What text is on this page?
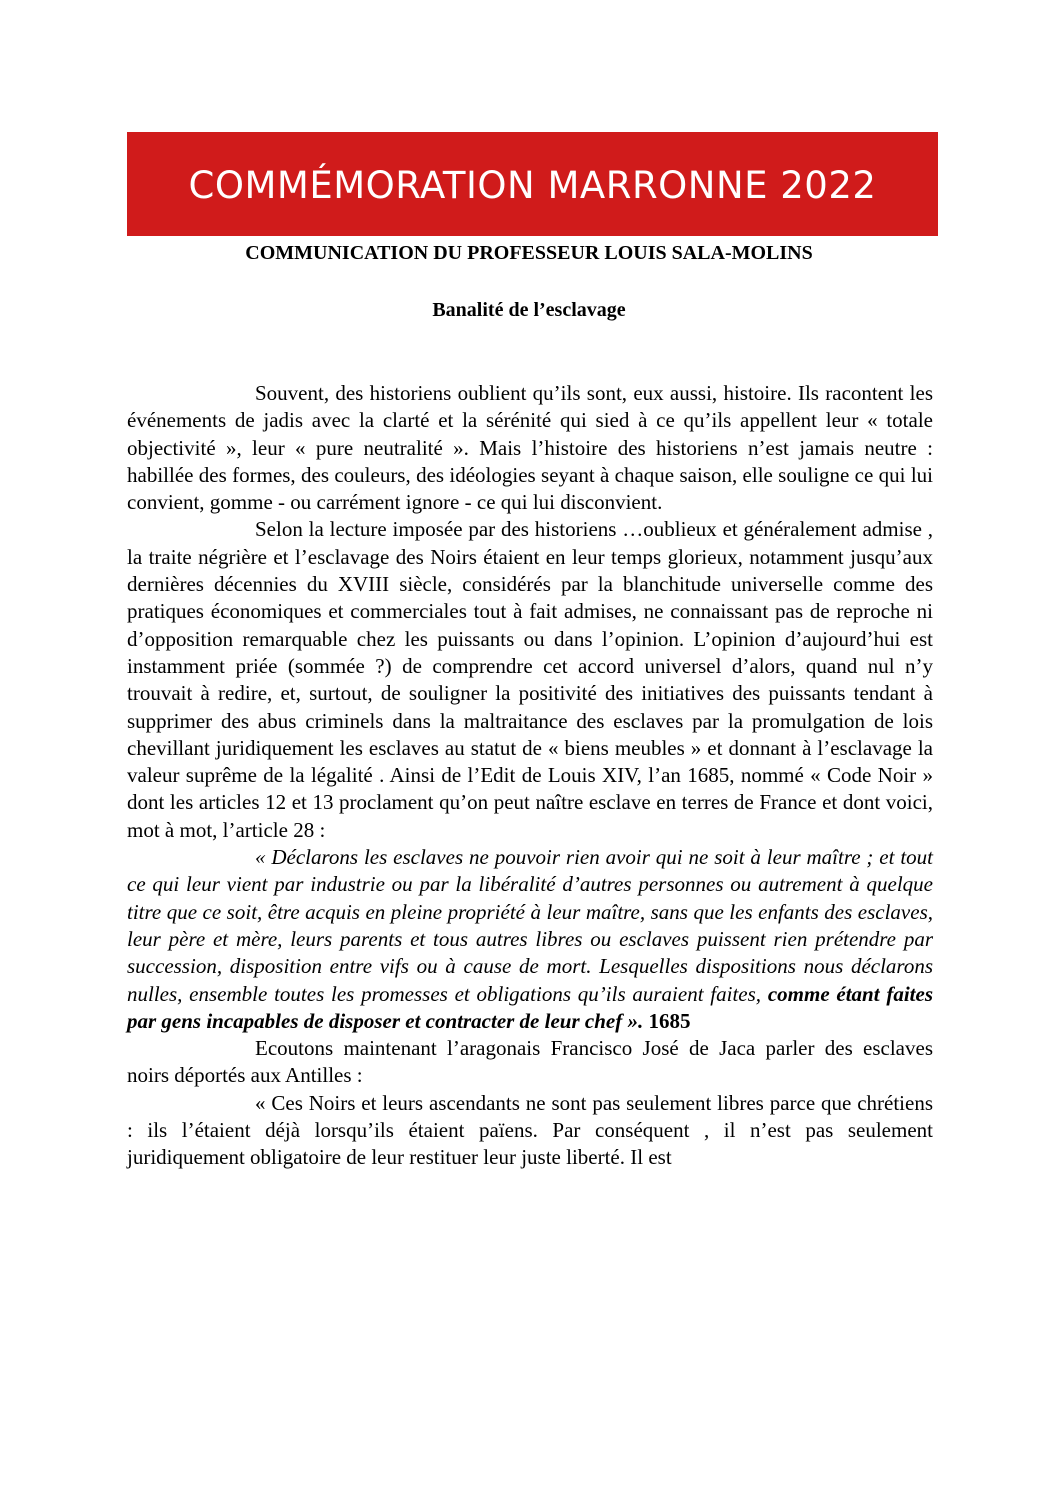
COMMÉMORATION MARRONNE 2022
COMMUNICATION DU PROFESSEUR LOUIS SALA-MOLINS
Banalité de l’esclavage

Souvent, des historiens oublient qu’ils sont, eux aussi, histoire. Ils racontent les événements de jadis avec la clarté et la sérénité qui sied à ce qu’ils appellent leur « totale objectivité », leur « pure neutralité ». Mais l’histoire des historiens n’est jamais neutre : habillée des formes, des couleurs, des idéologies seyant à chaque saison, elle souligne ce qui lui convient, gomme - ou carrément ignore - ce qui lui disconvient.

Selon la lecture imposée par des historiens …oublieux et généralement admise , la traite négrière et l’esclavage des Noirs étaient en leur temps glorieux, notamment jusqu’aux dernières décennies du XVIII siècle, considérés par la blanchitude universelle comme des pratiques économiques et commerciales tout à fait admises, ne connaissant pas de reproche ni d’opposition remarquable chez les puissants ou dans l’opinion. L’opinion d’aujourd’hui est instamment priée (sommée ?) de comprendre cet accord universel d’alors, quand nul n’y trouvait à redire, et, surtout, de souligner la positivité des initiatives des puissants tendant à supprimer des abus criminels dans la maltraitance des esclaves par la promulgation de lois chevillant juridiquement les esclaves au statut de « biens meubles » et donnant à l’esclavage la valeur suprême de la légalité . Ainsi de l’Edit de Louis XIV, l’an 1685, nommé « Code Noir » dont les articles 12 et 13 proclament qu’on peut naître esclave en terres de France et dont voici, mot à mot, l’article 28 :

« Déclarons les esclaves ne pouvoir rien avoir qui ne soit à leur maître ; et tout ce qui leur vient par industrie ou par la libéralité d’autres personnes ou autrement à quelque titre que ce soit, être acquis en pleine propriété à leur maître, sans que les enfants des esclaves, leur père et mère, leurs parents et tous autres libres ou esclaves puissent rien prétendre par succession, disposition entre vifs ou à cause de mort. Lesquelles dispositions nous déclarons nulles, ensemble toutes les promesses et obligations qu’ils auraient faites, comme étant faites par gens incapables de disposer et contracter de leur chef ». 1685

Ecoutons maintenant l’aragonais Francisco José de Jaca parler des esclaves noirs déportés aux Antilles :

« Ces Noirs et leurs ascendants ne sont pas seulement libres parce que chrétiens : ils l’étaient déjà lorsqu’ils étaient païens. Par conséquent , il n’est pas seulement juridiquement obligatoire de leur restituer leur juste liberté. Il est
